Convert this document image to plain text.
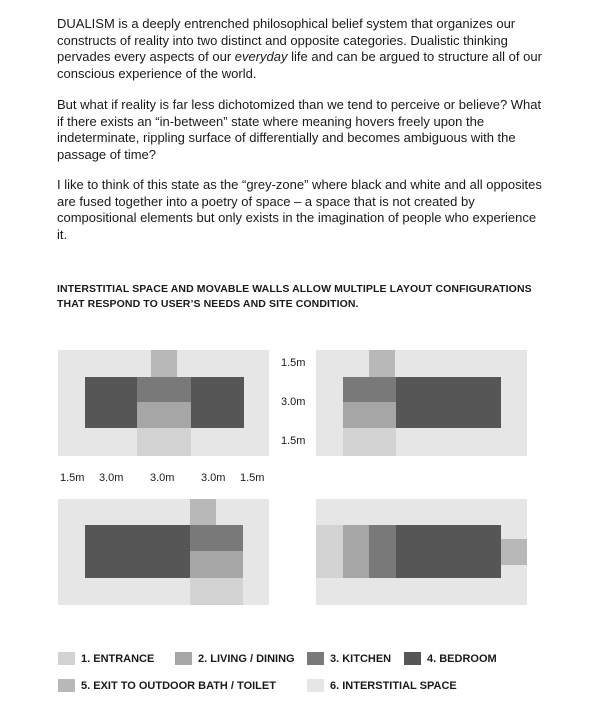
DUALISM is a deeply entrenched philosophical belief system that organizes our constructs of reality into two distinct and opposite categories. Dualistic thinking pervades every aspects of our everyday life and can be argued to structure all of our conscious experience of the world.

But what if reality is far less dichotomized than we tend to perceive or believe? What if there exists an “in-between” state where meaning hovers freely upon the indeterminate, rippling surface of differentially and becomes ambiguous with the passage of time?

I like to think of this state as the “grey-zone” where black and white and all opposites are fused together into a poetry of space – a space that is not created by compositional elements but only exists in the imagination of people who experience it.

INTERSTITIAL SPACE AND MOVABLE WALLS ALLOW MULTIPLE LAYOUT CONFIGURATIONS THAT RESPOND TO USER’S NEEDS AND SITE CONDITION.

1.5m
3.0m
1.5m
1.5m 3.0m 3.0m 3.0m 1.5m
1. ENTRANCE	2. LIVING / DINING	3. KITCHEN	4. BEDROOM
5. EXIT TO OUTDOOR BATH / TOILET	6. INTERSTITIAL SPACE
